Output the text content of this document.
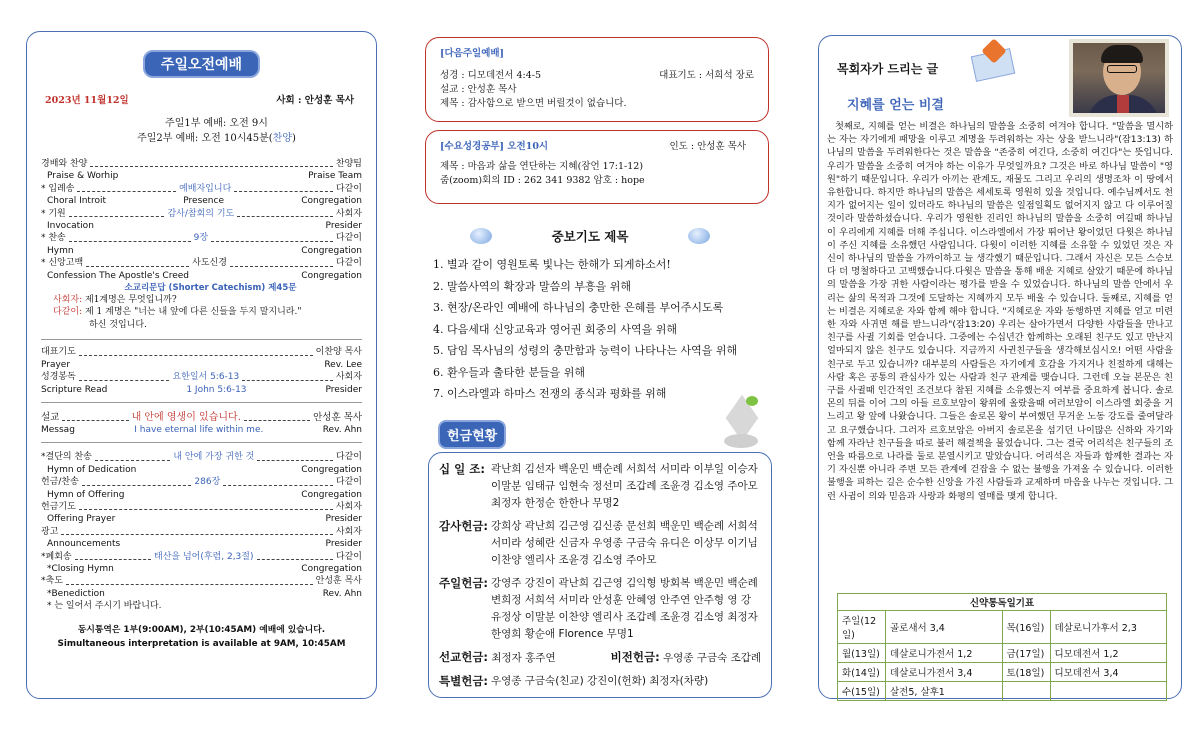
주일오전예배
2023년 11월12일	사회 : 안성훈 목사
주일1부 예배: 오전 9시
주일2부 예배: 오전 10시45분(찬양)
경배와 찬양	찬양팀
Praise & Worhip	Praise Team
* 입례송	예배자입니다	다같이
Choral Introit	Presence	Congregation
* 기원	감사/참회의 기도	사회자
Invocation	Presider
* 찬송	9장	다같이
Hymn	Congregation
* 신앙고백	사도신경	다같이
Confession The Apostle's Creed	Congregation
소교리문답 (Shorter Catechism) 제45문
사회자: 제1계명은 무엇입니까?
다같이: 제 1 계명은 "너는 내 앞에 다른 신들을 두지 말지니라."
하신 것입니다.
대표기도	이찬양 목사
Prayer	Rev. Lee
성경봉독	요한일서 5:6-13	사회자
Scripture Read	1 John 5:6-13	Presider
설교	내 안에 영생이 있습니다.	안성훈 목사
Messag	I have eternal life within me.	Rev. Ahn
*결단의 찬송	내 안에 가장 귀한 것	다같이
Hymn of Dedication	Congregation
헌금/찬송	286장	다같이
Hymn of Offering	Congregation
헌금기도	사회자
Offering Prayer	Presider
광고	사회자
Announcements	Presider
*폐회송	태산을 넘어(후렴, 2,3절)	다같이
*Closing Hymn	Congregation
*축도	안성훈 목사
*Benediction	Rev. Ahn
* 는 일어서 주시기 바랍니다.
동시통역은 1부(9:00AM), 2부(10:45AM) 예배에 있습니다.
Simultaneous interpretation is available at 9AM, 10:45AM
[다음주일예배]
성경 : 디모데전서 4:4-5	대표기도 : 서희석 장로
설교 : 안성훈 목사
제목 : 감사함으로 받으면 버릴것이 없습니다.
[수요성경공부] 오전10시	인도 : 안성훈 목사
제목 : 마음과 삶을 연단하는 지혜(잠언 17:1-12)
줌(zoom)회의 ID : 262 341 9382 암호 : hope
중보기도 제목
1. 별과 같이 영원토록 빛나는 한해가 되게하소서!
2. 말씀사역의 확장과 말씀의 부흥을 위해
3. 현장/온라인 예배에 하나님의 충만한 은혜를 부어주시도록
4. 다음세대 신앙교육과 영어권 회중의 사역을 위해
5. 담임 목사님의 성령의 충만함과 능력이 나타나는 사역을 위해
6. 환우들과 출타한 분들을 위해
7. 이스라엘과 하마스 전쟁의 종식과 평화를 위해
헌금현황
십 일 조: 곽난희 김선자 백운민 백순례 서희석 서미라 이부일 이승자 이말분 임태규 임현숙 정선미 조갑례 조윤경 김소영 주아모 최정자 한정순 한한나 무명2
감사헌금: 강희상 곽난희 김근영 김신종 문선희 백운민 백순례 서희석 서미라 성혜란 신금자 우영종 구금숙 유디은 이상무 이기님 이찬양 엘리사 조윤경 김소영 주아모
주일헌금: 강영주 강진이 곽난희 김근영 김익형 방회복 백운민 백순례 변희정 서희석 서미라 안성훈 안혜영 안주연 안주형 영 강 유정상 이말분 이찬양 엘리사 조갑례 조윤경 김소영 최정자 한영희 황순애 Florence 무명1
선교헌금: 최정자 홍주연	비전헌금: 우영종 구금숙 조갑례
특별헌금: 우영종 구금숙(친교) 강진이(헌화) 최정자(차량)
목회자가 드리는 글
지혜를 얻는 비결
첫째로, 지혜를 얻는 비결은 하나님의 말씀을 소중히 여겨야 합니다. "말씀을 멸시하는 자는 자기에게 패망을 이루고 계명을 두려워하는 자는 상을 받느니라"(잠13:13) 하나님의 말씀을 두려워한다는 것은 말씀을 "존중히 여긴다, 소중히 여긴다"는 뜻입니다. 우리가 말씀을 소중히 여겨야 하는 이유가 무엇일까요? 그것은 바로 하나님 말씀이 "영원"하기 때문입니다. 우리가 아끼는 관계도, 재물도 그리고 우리의 생명조차 이 땅에서 유한합니다. 하지만 하나님의 말씀은 세세토록 영원히 있을 것입니다. 예수님께서도 천지가 없어지는 일이 있더라도 하나님의 말씀은 일점일획도 없어지지 않고 다 이루어질 것이라 말씀하셨습니다. 우리가 영원한 진리인 하나님의 말씀을 소중히 여길때 하나님이 우리에게 지혜를 더해 주십니다. 이스라엘에서 가장 뛰어난 왕이었던 다윗은 하나님이 주신 지혜를 소유했던 사람입니다. 다윗이 이러한 지혜를 소유할 수 있었던 것은 자신이 하나님의 말씀을 가까이하고 늘 생각했기 때문입니다. 그래서 자신은 모든 스승보다 더 명철하다고 고백했습니다.다윗은 말씀을 통해 배운 지혜로 살았기 때문에 하나님의 말씀을 가장 귀한 사람이라는 평가를 받을 수 있었습니다. 하나님의 말씀 안에서 우리는 삶의 목적과 그것에 도달하는 지혜까지 모두 배울 수 있습니다. 둘째로, 지혜를 얻는 비결은 지혜로운 자와 함께 해야 합니다. "지혜로운 자와 동행하면 지혜를 얻고 미련한 자와 사귀면 해를 받느니라"(잠13:20) 우리는 살아가면서 다양한 사람들을 만나고 친구를 사귈 기회를 얻습니다. 그중에는 수십년간 함께하는 오래된 친구도 있고 만난지 얼마되지 않은 친구도 있습니다. 지금까지 사귄친구들을 생각해보십시오! 어떤 사람을 친구로 두고 있습니까? 대부분의 사람들은 자기에게 호감을 가지거나 친절하게 대해는 사람 혹은 공통의 관심사가 있는 사람과 친구 관계를 맺습니다. 그런데 오늘 본문은 친구를 사귈때 인간적인 조건보다 참된 지혜를 소유했는지 여부를 중요하게 봅니다. 솔로몬의 뒤를 이어 그의 아들 르호보암이 왕위에 올랐을때 여러보암이 이스라엘 회중을 거느리고 왕 앞에 나왔습니다. 그들은 솔로몬 왕이 부여했던 무거운 노동 강도를 줄여달라고 요구했습니다. 그러자 르호보암은 아버지 솔로몬을 섬기던 나이많은 신하와 자기와 함께 자라난 친구들을 따로 불러 해결책을 물었습니다. 그는 결국 어리석은 친구들의 조언을 따름으로 나라를 둘로 분열시키고 말았습니다. 어리석은 자들과 함께한 결과는 자기 자신뿐 아니라 주변 모든 관계에 걷잡을 수 없는 불행을 가져올 수 있습니다. 이러한 불행을 피하는 길은 순수한 신앙을 가진 사람들과 교제하며 마음을 나누는 것입니다. 그런 사귐이 의와 믿음과 사랑과 화평의 열매를 맺게 합니다.
신약통독일기표			
주일(12일)	골로새서 3,4	목(16일)	데살로니가후서 2,3
월(13일)	데살로니가전서 1,2	금(17일)	디모데전서 1,2
화(14일)	데살로니가전서 3,4	토(18일)	디모데전서 3,4
수(15일)	살전5, 살후1		
